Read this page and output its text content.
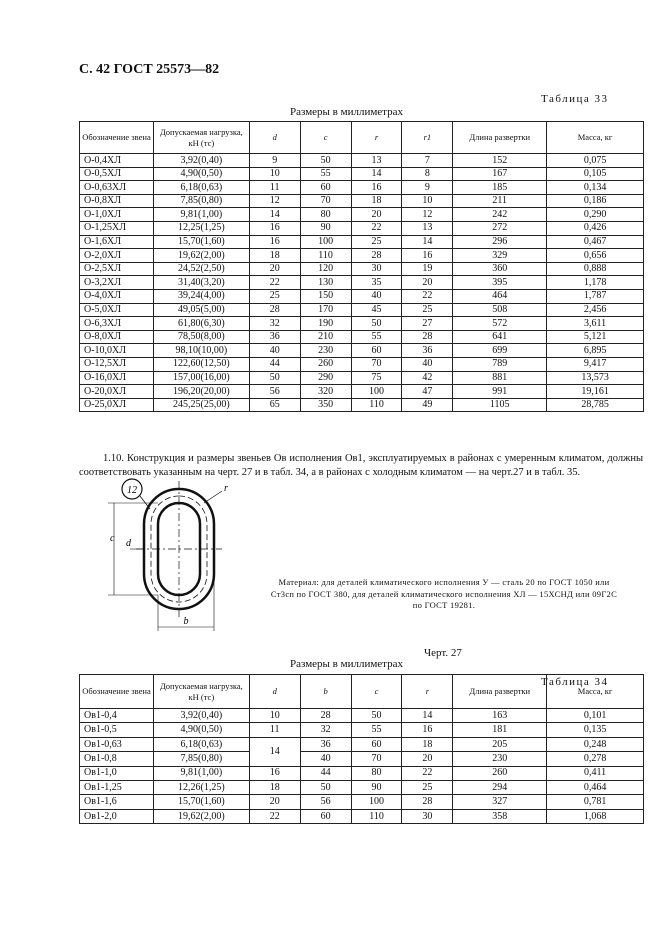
С. 42 ГОСТ 25573—82
Таблица 33
Размеры в миллиметрах
Обозначение звена	Допускаемая нагрузка, кН (тс)	d	c	r	r1	Длина развертки	Масса, кг
О-0,4ХЛ	3,92(0,40)	9	50	13	7	152	0,075
О-0,5ХЛ	4,90(0,50)	10	55	14	8	167	0,105
О-0,63ХЛ	6,18(0,63)	11	60	16	9	185	0,134
О-0,8ХЛ	7,85(0,80)	12	70	18	10	211	0,186
О-1,0ХЛ	9,81(1,00)	14	80	20	12	242	0,290
О-1,25ХЛ	12,25(1,25)	16	90	22	13	272	0,426
О-1,6ХЛ	15,70(1,60)	16	100	25	14	296	0,467
О-2,0ХЛ	19,62(2,00)	18	110	28	16	329	0,656
О-2,5ХЛ	24,52(2,50)	20	120	30	19	360	0,888
О-3,2ХЛ	31,40(3,20)	22	130	35	20	395	1,178
О-4,0ХЛ	39,24(4,00)	25	150	40	22	464	1,787
О-5,0ХЛ	49,05(5,00)	28	170	45	25	508	2,456
О-6,3ХЛ	61,80(6,30)	32	190	50	27	572	3,611
О-8,0ХЛ	78,50(8,00)	36	210	55	28	641	5,121
О-10,0ХЛ	98,10(10,00)	40	230	60	36	699	6,895
О-12,5ХЛ	122,60(12,50)	44	260	70	40	789	9,417
О-16,0ХЛ	157,00(16,00)	50	290	75	42	881	13,573
О-20,0ХЛ	196,20(20,00)	56	320	100	47	991	19,161
О-25,0ХЛ	245,25(25,00)	65	350	110	49	1105	28,785
1.10. Конструкция и размеры звеньев Ов исполнения Ов1, эксплуатируемых в районах с умеренным климатом, должны соответствовать указанным на черт. 27 и в табл. 34, а в районах с холодным климатом — на черт.27 и в табл. 35.
12	r
c d
b
Материал: для деталей климатического исполнения У — сталь 20 по ГОСТ 1050 или Ст3сп по ГОСТ 380, для деталей климатического исполнения ХЛ — 15ХСНД или 09Г2С по ГОСТ 19281.
Черт. 27
Таблица 34
Размеры в миллиметрах
Обозначение звена	Допускаемая нагрузка, кН (тс)	d	b	c	r	Длина развертки	Масса, кг
Ов1-0,4	3,92(0,40)	10	28	50	14	163	0,101
Ов1-0,5	4,90(0,50)	11	32	55	16	181	0,135
Ов1-0,63	6,18(0,63)	14	36	60	18	205	0,248
Ов1-0,8	7,85(0,80)		40	70	20	230	0,278
Ов1-1,0	9,81(1,00)	16	44	80	22	260	0,411
Ов1-1,25	12,26(1,25)	18	50	90	25	294	0,464
Ов1-1,6	15,70(1,60)	20	56	100	28	327	0,781
Ов1-2,0	19,62(2,00)	22	60	110	30	358	1,068
